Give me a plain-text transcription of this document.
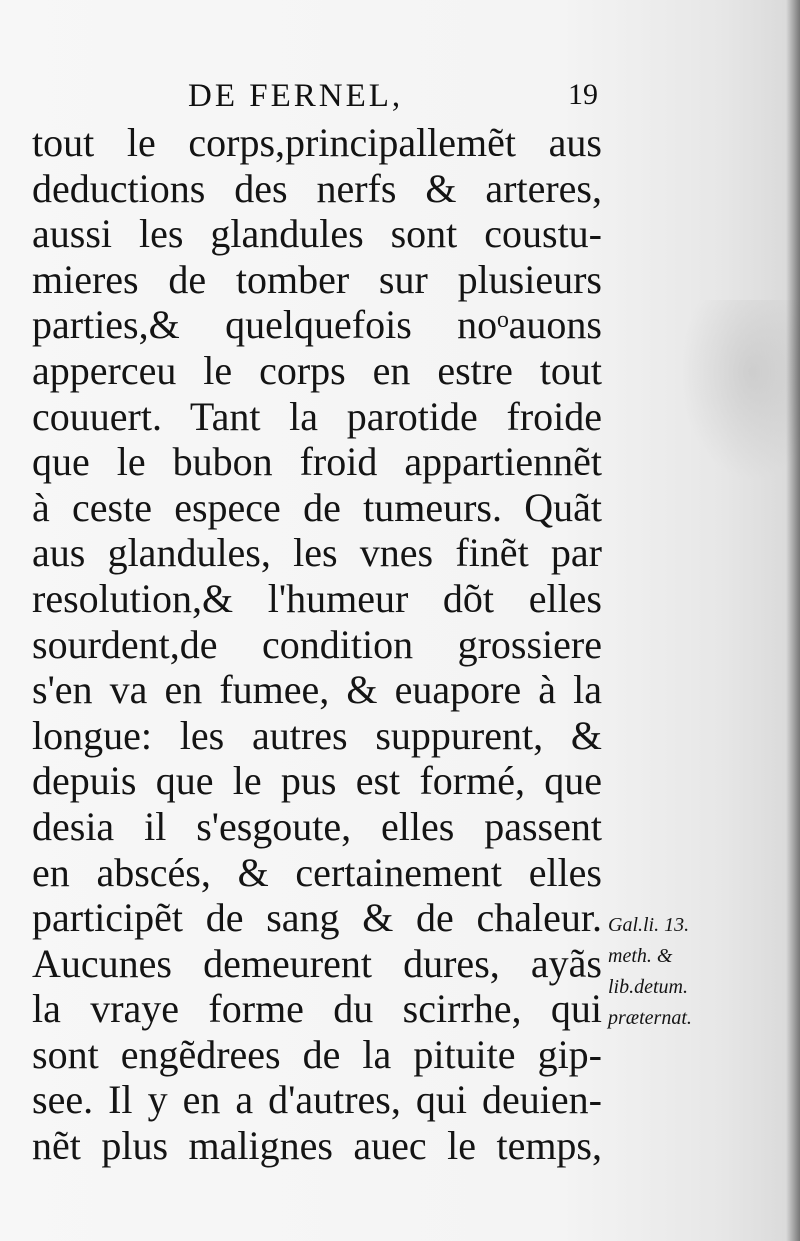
DE FERNEL,	19
tout le corps,principallemẽt aus
deductions des nerfs & arteres,
aussi les glandules sont coustu-
mieres de tomber sur plusieurs
parties,& quelquefois noᵒauons
apperceu le corps en estre tout
couuert. Tant la parotide froide
que le bubon froid appartiennẽt
à ceste espece de tumeurs. Quãt
aus glandules, les vnes finẽt par
resolution,& l'humeur dõt elles
sourdent,de condition grossiere
s'en va en fumee, & euapore à la
longue: les autres suppurent, &
depuis que le pus est formé, que
desia il s'esgoute, elles passent
en abscés, & certainement elles
participẽt de sang & de chaleur.
Aucunes demeurent dures, ayãs
la vraye forme du scirrhe, qui
sont engẽdrees de la pituite gip-
see. Il y en a d'autres, qui deuien-
nẽt plus malignes auec le temps,
Gal.li. 13.
meth. &
lib.detum.
præternat.
